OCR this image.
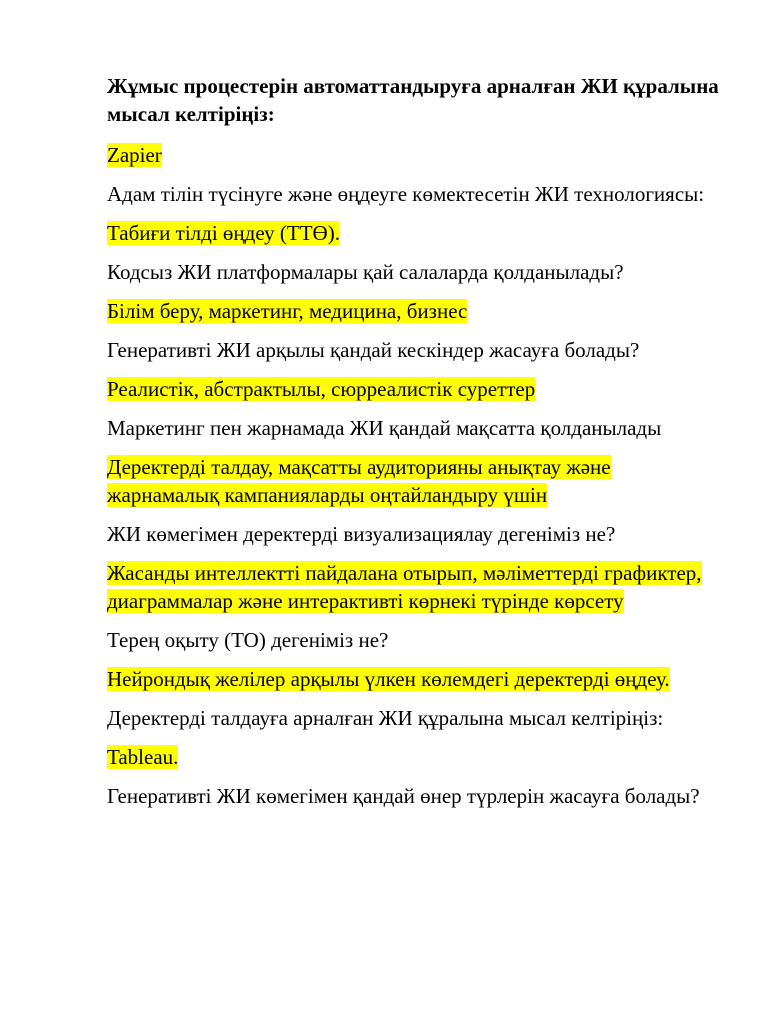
Жұмыс процестерін автоматтандыруға арналған ЖИ құралына мысал келтіріңіз:

Zapier

Адам тілін түсінуге және өңдеуге көмектесетін ЖИ технологиясы:

Табиғи тілді өңдеу (ТТӨ).

Кодсыз ЖИ платформалары қай салаларда қолданылады?

Білім беру, маркетинг, медицина, бизнес

Генеративті ЖИ арқылы қандай кескіндер жасауға болады?

Реалистік, абстрактылы, сюрреалистік суреттер

Маркетинг пен жарнамада ЖИ қандай мақсатта қолданылады

Деректерді талдау, мақсатты аудиторияны анықтау және жарнамалық кампанияларды оңтайландыру үшін

ЖИ көмегімен деректерді визуализациялау дегеніміз не?

Жасанды интеллектті пайдалана отырып, мәліметтерді графиктер, диаграммалар және интерактивті көрнекі түрінде көрсету

Терең оқыту (ТО) дегеніміз не?

Нейрондық желілер арқылы үлкен көлемдегі деректерді өңдеу.

Деректерді талдауға арналған ЖИ құралына мысал келтіріңіз:

Tableau.

Генеративті ЖИ көмегімен қандай өнер түрлерін жасауға болады?
